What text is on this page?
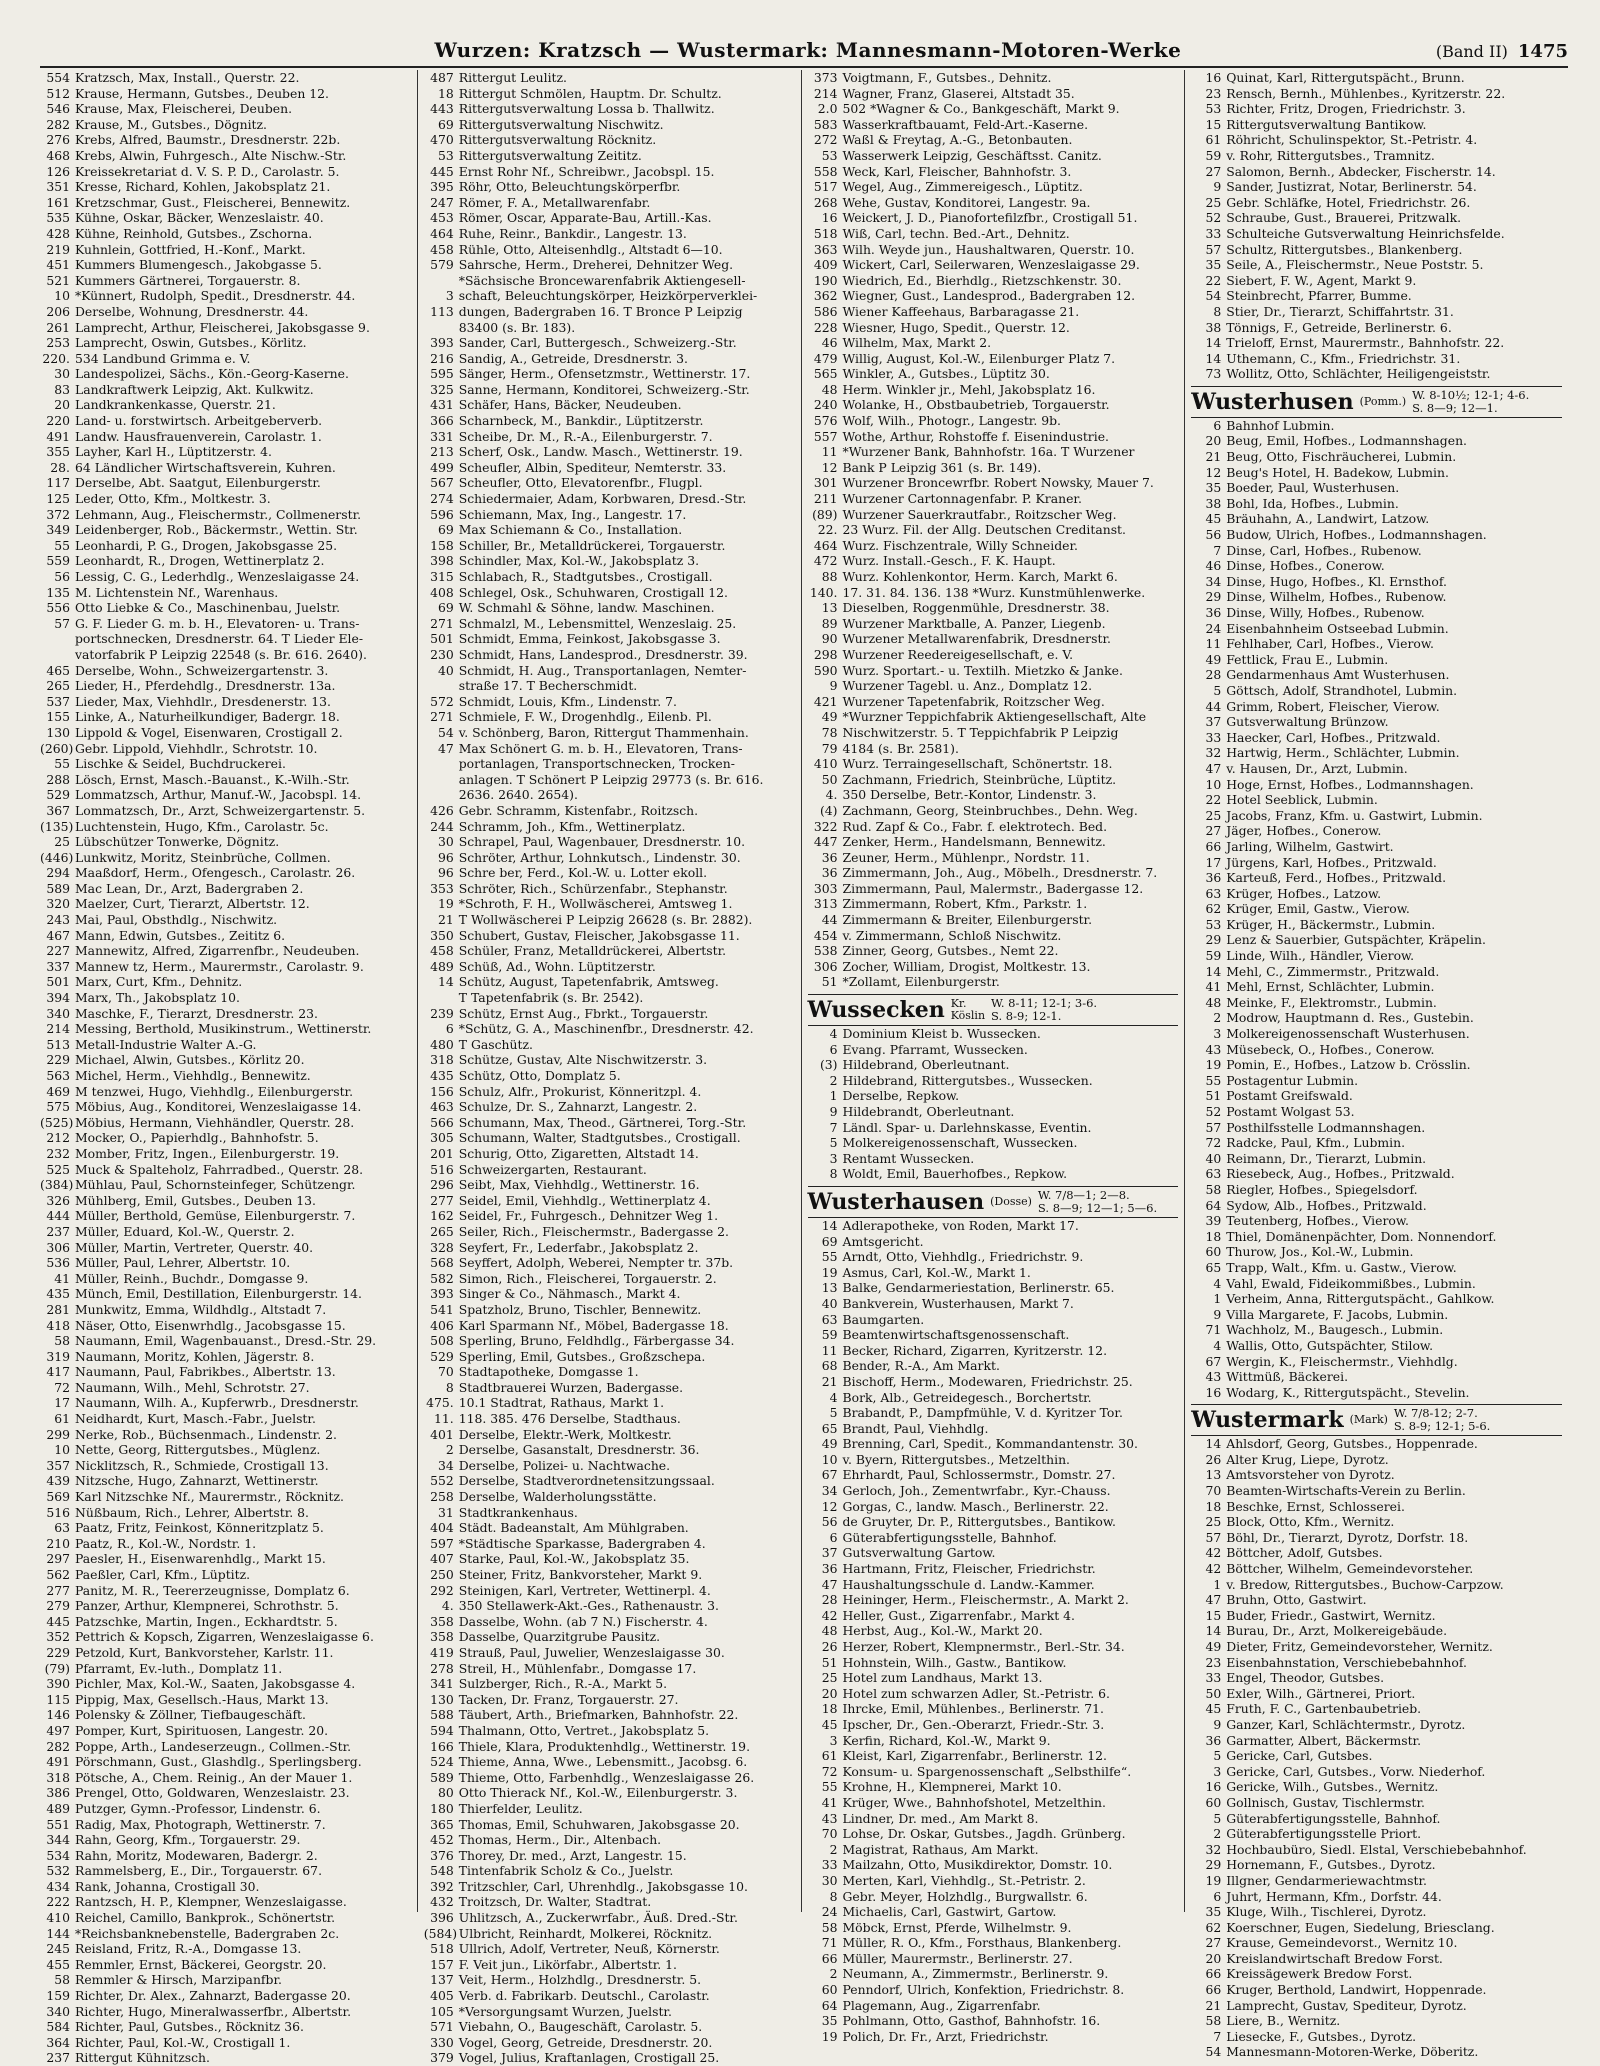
Wurzen: Kratzsch — Wustermark: Mannesmann-Motoren-Werke	(Band II) 1475
554 Kratzsch, Max, Install., Querstr. 22.
512 Krause, Hermann, Gutsbes., Deuben 12.
546 Krause, Max, Fleischerei, Deuben.
282 Krause, M., Gutsbes., Dögnitz.
276 Krebs, Alfred, Baumstr., Dresdnerstr. 22b.
468 Krebs, Alwin, Fuhrgesch., Alte Nischw.-Str.
126 Kreissekretariat d. V. S. P. D., Carolastr. 5.
351 Kresse, Richard, Kohlen, Jakobsplatz 21.
161 Kretzschmar, Gust., Fleischerei, Bennewitz.
535 Kühne, Oskar, Bäcker, Wenzeslaistr. 40.
428 Kühne, Reinhold, Gutsbes., Zschorna.
219 Kuhnlein, Gottfried, H.-Konf., Markt.
451 Kummers Blumengesch., Jakobgasse 5.
521 Kummers Gärtnerei, Torgauerstr. 8.
10 *Künnert, Rudolph, Spedit., Dresdnerstr. 44.
206 Derselbe, Wohnung, Dresdnerstr. 44.
261 Lamprecht, Arthur, Fleischerei, Jakobsgasse 9.
253 Lamprecht, Oswin, Gutsbes., Körlitz.
220. 534 Landbund Grimma e. V.
30 Landespolizei, Sächs., Kön.-Georg-Kaserne.
83 Landkraftwerk Leipzig, Akt. Kulkwitz.
20 Landkrankenkasse, Querstr. 21.
220 Land- u. forstwirtsch. Arbeitgeberverb.
491 Landw. Hausfrauenverein, Carolastr. 1.
355 Layher, Karl H., Lüptitzerstr. 4.
28. 64 Ländlicher Wirtschaftsverein, Kuhren.
117 Derselbe, Abt. Saatgut, Eilenburgerstr.
125 Leder, Otto, Kfm., Moltkestr. 3.
372 Lehmann, Aug., Fleischermstr., Collmenerstr.
349 Leidenberger, Rob., Bäckermstr., Wettin. Str.
55 Leonhardi, P. G., Drogen, Jakobsgasse 25.
559 Leonhardt, R., Drogen, Wettinerplatz 2.
56 Lessig, C. G., Lederhdlg., Wenzeslaigasse 24.
135 M. Lichtenstein Nf., Warenhaus.
556 Otto Liebke & Co., Maschinenbau, Juelstr.
57 G. F. Lieder G. m. b. H., Elevatoren- u. Trans-
portschnecken, Dresdnerstr. 64. T Lieder Ele-
vatorfabrik P Leipzig 22548 (s. Br. 616. 2640).
465 Derselbe, Wohn., Schweizergartenstr. 3.
265 Lieder, H., Pferdehdlg., Dresdnerstr. 13a.
537 Lieder, Max, Viehhdlr., Dresdenerstr. 13.
155 Linke, A., Naturheilkundiger, Badergr. 18.
130 Lippold & Vogel, Eisenwaren, Crostigall 2.
(260) Gebr. Lippold, Viehhdlr., Schrotstr. 10.
55 Lischke & Seidel, Buchdruckerei.
288 Lösch, Ernst, Masch.-Bauanst., K.-Wilh.-Str.
529 Lommatzsch, Arthur, Manuf.-W., Jacobspl. 14.
367 Lommatzsch, Dr., Arzt, Schweizergartenstr. 5.
(135) Luchtenstein, Hugo, Kfm., Carolastr. 5c.
25 Lübschützer Tonwerke, Dögnitz.
(446) Lunkwitz, Moritz, Steinbrüche, Collmen.
294 Maaßdorf, Herm., Ofengesch., Carolastr. 26.
589 Mac Lean, Dr., Arzt, Badergraben 2.
320 Maelzer, Curt, Tierarzt, Albertstr. 12.
243 Mai, Paul, Obsthdlg., Nischwitz.
467 Mann, Edwin, Gutsbes., Zeititz 6.
227 Mannewitz, Alfred, Zigarrenfbr., Neudeuben.
337 Mannew tz, Herm., Maurermstr., Carolastr. 9.
501 Marx, Curt, Kfm., Dehnitz.
394 Marx, Th., Jakobsplatz 10.
340 Maschke, F., Tierarzt, Dresdnerstr. 23.
214 Messing, Berthold, Musikinstrum., Wettinerstr.
513 Metall-Industrie Walter A.-G.
229 Michael, Alwin, Gutsbes., Körlitz 20.
563 Michel, Herm., Viehhdlg., Bennewitz.
469 M tenzwei, Hugo, Viehhdlg., Eilenburgerstr.
575 Möbius, Aug., Konditorei, Wenzeslaigasse 14.
(525) Möbius, Hermann, Viehhändler, Querstr. 28.
212 Mocker, O., Papierhdlg., Bahnhofstr. 5.
232 Momber, Fritz, Ingen., Eilenburgerstr. 19.
525 Muck & Spalteholz, Fahrradbed., Querstr. 28.
(384) Mühlau, Paul, Schornsteinfeger, Schützengr.
326 Mühlberg, Emil, Gutsbes., Deuben 13.
444 Müller, Berthold, Gemüse, Eilenburgerstr. 7.
237 Müller, Eduard, Kol.-W., Querstr. 2.
306 Müller, Martin, Vertreter, Querstr. 40.
536 Müller, Paul, Lehrer, Albertstr. 10.
41 Müller, Reinh., Buchdr., Domgasse 9.
435 Münch, Emil, Destillation, Eilenburgerstr. 14.
281 Munkwitz, Emma, Wildhdlg., Altstadt 7.
418 Näser, Otto, Eisenwrhdlg., Jacobsgasse 15.
58 Naumann, Emil, Wagenbauanst., Dresd.-Str. 29.
319 Naumann, Moritz, Kohlen, Jägerstr. 8.
417 Naumann, Paul, Fabrikbes., Albertstr. 13.
72 Naumann, Wilh., Mehl, Schrotstr. 27.
17 Naumann, Wilh. A., Kupferwrb., Dresdnerstr.
61 Neidhardt, Kurt, Masch.-Fabr., Juelstr.
299 Nerke, Rob., Büchsenmach., Lindenstr. 2.
10 Nette, Georg, Rittergutsbes., Müglenz.
357 Nicklitzsch, R., Schmiede, Crostigall 13.
439 Nitzsche, Hugo, Zahnarzt, Wettinerstr.
569 Karl Nitzschke Nf., Maurermstr., Röcknitz.
516 Nüßbaum, Rich., Lehrer, Albertstr. 8.
63 Paatz, Fritz, Feinkost, Könneritzplatz 5.
210 Paatz, R., Kol.-W., Nordstr. 1.
297 Paesler, H., Eisenwarenhdlg., Markt 15.
562 Paeßler, Carl, Kfm., Lüptitz.
277 Panitz, M. R., Teererzeugnisse, Domplatz 6.
279 Panzer, Arthur, Klempnerei, Schrothstr. 5.
445 Patzschke, Martin, Ingen., Eckhardtstr. 5.
352 Pettrich & Kopsch, Zigarren, Wenzeslaigasse 6.
229 Petzold, Kurt, Bankvorsteher, Karlstr. 11.
(79) Pfarramt, Ev.-luth., Domplatz 11.
390 Pichler, Max, Kol.-W., Saaten, Jakobsgasse 4.
115 Pippig, Max, Gesellsch.-Haus, Markt 13.
146 Polensky & Zöllner, Tiefbaugeschäft.
497 Pomper, Kurt, Spirituosen, Langestr. 20.
282 Poppe, Arth., Landeserzeugn., Collmen.-Str.
491 Pörschmann, Gust., Glashdlg., Sperlingsberg.
318 Pötsche, A., Chem. Reinig., An der Mauer 1.
386 Prengel, Otto, Goldwaren, Wenzeslaistr. 23.
489 Putzger, Gymn.-Professor, Lindenstr. 6.
551 Radig, Max, Photograph, Wettinerstr. 7.
344 Rahn, Georg, Kfm., Torgauerstr. 29.
534 Rahn, Moritz, Modewaren, Badergr. 2.
532 Rammelsberg, E., Dir., Torgauerstr. 67.
434 Rank, Johanna, Crostigall 30.
222 Rantzsch, H. P., Klempner, Wenzeslaigasse.
410 Reichel, Camillo, Bankprok., Schönertstr.
144 *Reichsbanknebenstelle, Badergraben 2c.
245 Reisland, Fritz, R.-A., Domgasse 13.
455 Remmler, Ernst, Bäckerei, Georgstr. 20.
58 Remmler & Hirsch, Marzipanfbr.
159 Richter, Dr. Alex., Zahnarzt, Badergasse 20.
340 Richter, Hugo, Mineralwasserfbr., Albertstr.
584 Richter, Paul, Gutsbes., Röcknitz 36.
364 Richter, Paul, Kol.-W., Crostigall 1.
237 Rittergut Kühnitzsch.
487 Rittergut Leulitz.
18 Rittergut Schmölen, Hauptm. Dr. Schultz.
443 Rittergutsverwaltung Lossa b. Thallwitz.
69 Rittergutsverwaltung Nischwitz.
470 Rittergutsverwaltung Röcknitz.
53 Rittergutsverwaltung Zeititz.
445 Ernst Rohr Nf., Schreibwr., Jacobspl. 15.
395 Röhr, Otto, Beleuchtungskörperfbr.
247 Römer, F. A., Metallwarenfabr.
453 Römer, Oscar, Apparate-Bau, Artill.-Kas.
464 Ruhe, Reinr., Bankdir., Langestr. 13.
458 Rühle, Otto, Alteisenhdlg., Altstadt 6—10.
579 Sahrsche, Herm., Dreherei, Dehnitzer Weg.
*Sächsische Broncewarenfabrik Aktiengesell-
3 schaft, Beleuchtungskörper, Heizkörperverklei-
113 dungen, Badergraben 16. T Bronce P Leipzig
83400 (s. Br. 183).
393 Sander, Carl, Buttergesch., Schweizerg.-Str.
216 Sandig, A., Getreide, Dresdnerstr. 3.
595 Sänger, Herm., Ofensetzmstr., Wettinerstr. 17.
325 Sanne, Hermann, Konditorei, Schweizerg.-Str.
431 Schäfer, Hans, Bäcker, Neudeuben.
366 Scharnbeck, M., Bankdir., Lüptitzerstr.
331 Scheibe, Dr. M., R.-A., Eilenburgerstr. 7.
213 Scherf, Osk., Landw. Masch., Wettinerstr. 19.
499 Scheufler, Albin, Spediteur, Nemterstr. 33.
567 Scheufler, Otto, Elevatorenfbr., Flugpl.
274 Schiedermaier, Adam, Korbwaren, Dresd.-Str.
596 Schiemann, Max, Ing., Langestr. 17.
69 Max Schiemann & Co., Installation.
158 Schiller, Br., Metalldrückerei, Torgauerstr.
398 Schindler, Max, Kol.-W., Jakobsplatz 3.
315 Schlabach, R., Stadtgutsbes., Crostigall.
408 Schlegel, Osk., Schuhwaren, Crostigall 12.
69 W. Schmahl & Söhne, landw. Maschinen.
271 Schmalzl, M., Lebensmittel, Wenzeslaig. 25.
501 Schmidt, Emma, Feinkost, Jakobsgasse 3.
230 Schmidt, Hans, Landesprod., Dresdnerstr. 39.
40 Schmidt, H. Aug., Transportanlagen, Nemter-
straße 17. T Becherschmidt.
572 Schmidt, Louis, Kfm., Lindenstr. 7.
271 Schmiele, F. W., Drogenhdlg., Eilenb. Pl.
54 v. Schönberg, Baron, Rittergut Thammenhain.
47 Max Schönert G. m. b. H., Elevatoren, Trans-
portanlagen, Transportschnecken, Trocken-
anlagen. T Schönert P Leipzig 29773 (s. Br. 616.
2636. 2640. 2654).
426 Gebr. Schramm, Kistenfabr., Roitzsch.
244 Schramm, Joh., Kfm., Wettinerplatz.
30 Schrapel, Paul, Wagenbauer, Dresdnerstr. 10.
96 Schröter, Arthur, Lohnkutsch., Lindenstr. 30.
96 Schre ber, Ferd., Kol.-W. u. Lotter ekoll.
353 Schröter, Rich., Schürzenfabr., Stephanstr.
19 *Schroth, F. H., Wollwäscherei, Amtsweg 1.
21 T Wollwäscherei P Leipzig 26628 (s. Br. 2882).
350 Schubert, Gustav, Fleischer, Jakobsgasse 11.
458 Schüler, Franz, Metalldrückerei, Albertstr.
489 Schüß, Ad., Wohn. Lüptitzerstr.
14 Schütz, August, Tapetenfabrik, Amtsweg.
T Tapetenfabrik (s. Br. 2542).
239 Schütz, Ernst Aug., Fbrkt., Torgauerstr.
6 *Schütz, G. A., Maschinenfbr., Dresdnerstr. 42.
480 T Gaschütz.
318 Schütze, Gustav, Alte Nischwitzerstr. 3.
435 Schütz, Otto, Domplatz 5.
156 Schulz, Alfr., Prokurist, Könneritzpl. 4.
463 Schulze, Dr. S., Zahnarzt, Langestr. 2.
566 Schumann, Max, Theod., Gärtnerei, Torg.-Str.
305 Schumann, Walter, Stadtgutsbes., Crostigall.
201 Schurig, Otto, Zigaretten, Altstadt 14.
516 Schweizergarten, Restaurant.
296 Seibt, Max, Viehhdlg., Wettinerstr. 16.
277 Seidel, Emil, Viehhdlg., Wettinerplatz 4.
162 Seidel, Fr., Fuhrgesch., Dehnitzer Weg 1.
265 Seiler, Rich., Fleischermstr., Badergasse 2.
328 Seyfert, Fr., Lederfabr., Jakobsplatz 2.
568 Seyffert, Adolph, Weberei, Nempter tr. 37b.
582 Simon, Rich., Fleischerei, Torgauerstr. 2.
393 Singer & Co., Nähmasch., Markt 4.
541 Spatzholz, Bruno, Tischler, Bennewitz.
406 Karl Sparmann Nf., Möbel, Badergasse 18.
508 Sperling, Bruno, Feldhdlg., Färbergasse 34.
529 Sperling, Emil, Gutsbes., Großzschepa.
70 Stadtapotheke, Domgasse 1.
8 Stadtbrauerei Wurzen, Badergasse.
475. 10.1 Stadtrat, Rathaus, Markt 1.
11. 118. 385. 476 Derselbe, Stadthaus.
401 Derselbe, Elektr.-Werk, Moltkestr.
2 Derselbe, Gasanstalt, Dresdnerstr. 36.
34 Derselbe, Polizei- u. Nachtwache.
552 Derselbe, Stadtverordnetensitzungssaal.
258 Derselbe, Walderholungsstätte.
31 Stadtkrankenhaus.
404 Städt. Badeanstalt, Am Mühlgraben.
597 *Städtische Sparkasse, Badergraben 4.
407 Starke, Paul, Kol.-W., Jakobsplatz 35.
250 Steiner, Fritz, Bankvorsteher, Markt 9.
292 Steinigen, Karl, Vertreter, Wettinerpl. 4.
4. 350 Stellawerk-Akt.-Ges., Rathenaustr. 3.
358 Dasselbe, Wohn. (ab 7 N.) Fischerstr. 4.
358 Dasselbe, Quarzitgrube Pausitz.
419 Strauß, Paul, Juwelier, Wenzeslaigasse 30.
278 Streil, H., Mühlenfabr., Domgasse 17.
341 Sulzberger, Rich., R.-A., Markt 5.
130 Tacken, Dr. Franz, Torgauerstr. 27.
588 Täubert, Arth., Briefmarken, Bahnhofstr. 22.
594 Thalmann, Otto, Vertret., Jakobsplatz 5.
166 Thiele, Klara, Produktenhdlg., Wettinerstr. 19.
524 Thieme, Anna, Wwe., Lebensmitt., Jacobsg. 6.
589 Thieme, Otto, Farbenhdlg., Wenzeslaigasse 26.
80 Otto Thierack Nf., Kol.-W., Eilenburgerstr. 3.
180 Thierfelder, Leulitz.
365 Thomas, Emil, Schuhwaren, Jakobsgasse 20.
452 Thomas, Herm., Dir., Altenbach.
376 Thorey, Dr. med., Arzt, Langestr. 15.
548 Tintenfabrik Scholz & Co., Juelstr.
392 Tritzschler, Carl, Uhrenhdlg., Jakobsgasse 10.
432 Troitzsch, Dr. Walter, Stadtrat.
396 Uhlitzsch, A., Zuckerwrfabr., Äuß. Dred.-Str.
(584) Ulbricht, Reinhardt, Molkerei, Röcknitz.
518 Ullrich, Adolf, Vertreter, Neuß, Körnerstr.
157 F. Veit jun., Likörfabr., Albertstr. 1.
137 Veit, Herm., Holzhdlg., Dresdnerstr. 5.
405 Verb. d. Fabrikarb. Deutschl., Carolastr.
105 *Versorgungsamt Wurzen, Juelstr.
571 Viebahn, O., Baugeschäft, Carolastr. 5.
330 Vogel, Georg, Getreide, Dresdnerstr. 20.
379 Vogel, Julius, Kraftanlagen, Crostigall 25.
373 Voigtmann, F., Gutsbes., Dehnitz.
214 Wagner, Franz, Glaserei, Altstadt 35.
2.0 502 *Wagner & Co., Bankgeschäft, Markt 9.
583 Wasserkraftbauamt, Feld-Art.-Kaserne.
272 Waßl & Freytag, A.-G., Betonbauten.
53 Wasserwerk Leipzig, Geschäftsst. Canitz.
558 Weck, Karl, Fleischer, Bahnhofstr. 3.
517 Wegel, Aug., Zimmereigesch., Lüptitz.
268 Wehe, Gustav, Konditorei, Langestr. 9a.
16 Weickert, J. D., Pianofortefilzfbr., Crostigall 51.
518 Wiß, Carl, techn. Bed.-Art., Dehnitz.
363 Wilh. Weyde jun., Haushaltwaren, Querstr. 10.
409 Wickert, Carl, Seilerwaren, Wenzeslaigasse 29.
190 Wiedrich, Ed., Bierhdlg., Rietzschkenstr. 30.
362 Wiegner, Gust., Landesprod., Badergraben 12.
586 Wiener Kaffeehaus, Barbaragasse 21.
228 Wiesner, Hugo, Spedit., Querstr. 12.
46 Wilhelm, Max, Markt 2.
479 Willig, August, Kol.-W., Eilenburger Platz 7.
565 Winkler, A., Gutsbes., Lüptitz 30.
48 Herm. Winkler jr., Mehl, Jakobsplatz 16.
240 Wolanke, H., Obstbaubetrieb, Torgauerstr.
576 Wolf, Wilh., Photogr., Langestr. 9b.
557 Wothe, Arthur, Rohstoffe f. Eisenindustrie.
11 *Wurzener Bank, Bahnhofstr. 16a. T Wurzener
12 Bank P Leipzig 361 (s. Br. 149).
301 Wurzener Broncewrfbr. Robert Nowsky, Mauer 7.
211 Wurzener Cartonnagenfabr. P. Kraner.
(89) Wurzener Sauerkrautfabr., Roitzscher Weg.
22. 23 Wurz. Fil. der Allg. Deutschen Creditanst.
464 Wurz. Fischzentrale, Willy Schneider.
472 Wurz. Install.-Gesch., F. K. Haupt.
88 Wurz. Kohlenkontor, Herm. Karch, Markt 6.
140. 17. 31. 84. 136. 138 *Wurz. Kunstmühlenwerke.
13 Dieselben, Roggenmühle, Dresdnerstr. 38.
89 Wurzener Marktballe, A. Panzer, Liegenb.
90 Wurzener Metallwarenfabrik, Dresdnerstr.
298 Wurzener Reedereigesellschaft, e. V.
590 Wurz. Sportart.- u. Textilh. Mietzko & Janke.
9 Wurzener Tagebl. u. Anz., Domplatz 12.
421 Wurzener Tapetenfabrik, Roitzscher Weg.
49 *Wurzner Teppichfabrik Aktiengesellschaft, Alte
78 Nischwitzerstr. 5. T Teppichfabrik P Leipzig
79 4184 (s. Br. 2581).
410 Wurz. Terraingesellschaft, Schönertstr. 18.
50 Zachmann, Friedrich, Steinbrüche, Lüptitz.
4. 350 Derselbe, Betr.-Kontor, Lindenstr. 3.
(4) Zachmann, Georg, Steinbruchbes., Dehn. Weg.
322 Rud. Zapf & Co., Fabr. f. elektrotech. Bed.
447 Zenker, Herm., Handelsmann, Bennewitz.
36 Zeuner, Herm., Mühlenpr., Nordstr. 11.
36 Zimmermann, Joh., Aug., Möbelh., Dresdnerstr. 7.
303 Zimmermann, Paul, Malermstr., Badergasse 12.
313 Zimmermann, Robert, Kfm., Parkstr. 1.
44 Zimmermann & Breiter, Eilenburgerstr.
454 v. Zimmermann, Schloß Nischwitz.
538 Zinner, Georg, Gutsbes., Nemt 22.
306 Zocher, William, Drogist, Moltkestr. 13.
51 *Zollamt, Eilenburgerstr.
Wussecken Kr.
Köslin
W. 8-11; 12-1; 3-6.
S. 8-9; 12-1.
4 Dominium Kleist b. Wussecken.
6 Evang. Pfarramt, Wussecken.
(3) Hildebrand, Oberleutnant.
2 Hildebrand, Rittergutsbes., Wussecken.
1 Derselbe, Repkow.
9 Hildebrandt, Oberleutnant.
7 Ländl. Spar- u. Darlehnskasse, Eventin.
5 Molkereigenossenschaft, Wussecken.
3 Rentamt Wussecken.
8 Woldt, Emil, Bauerhofbes., Repkow.
Wusterhausen (Dosse) W. 7/8—1; 2—8.
S. 8—9; 12—1; 5—6.
14 Adlerapotheke, von Roden, Markt 17.
69 Amtsgericht.
55 Arndt, Otto, Viehhdlg., Friedrichstr. 9.
19 Asmus, Carl, Kol.-W., Markt 1.
13 Balke, Gendarmeriestation, Berlinerstr. 65.
40 Bankverein, Wusterhausen, Markt 7.
63 Baumgarten.
59 Beamtenwirtschaftsgenossenschaft.
11 Becker, Richard, Zigarren, Kyritzerstr. 12.
68 Bender, R.-A., Am Markt.
21 Bischoff, Herm., Modewaren, Friedrichstr. 25.
4 Bork, Alb., Getreidegesch., Borchertstr.
5 Brabandt, P., Dampfmühle, V. d. Kyritzer Tor.
65 Brandt, Paul, Viehhdlg.
49 Brenning, Carl, Spedit., Kommandantenstr. 30.
10 v. Byern, Rittergutsbes., Metzelthin.
67 Ehrhardt, Paul, Schlossermstr., Domstr. 27.
34 Gerloch, Joh., Zementwrfabr., Kyr.-Chauss.
12 Gorgas, C., landw. Masch., Berlinerstr. 22.
56 de Gruyter, Dr. P., Rittergutsbes., Bantikow.
6 Güterabfertigungsstelle, Bahnhof.
37 Gutsverwaltung Gartow.
36 Hartmann, Fritz, Fleischer, Friedrichstr.
47 Haushaltungsschule d. Landw.-Kammer.
28 Heininger, Herm., Fleischermstr., A. Markt 2.
42 Heller, Gust., Zigarrenfabr., Markt 4.
48 Herbst, Aug., Kol.-W., Markt 20.
26 Herzer, Robert, Klempnermstr., Berl.-Str. 34.
51 Hohnstein, Wilh., Gastw., Bantikow.
25 Hotel zum Landhaus, Markt 13.
20 Hotel zum schwarzen Adler, St.-Petristr. 6.
18 Ihrcke, Emil, Mühlenbes., Berlinerstr. 71.
45 Ipscher, Dr., Gen.-Oberarzt, Friedr.-Str. 3.
3 Kerfin, Richard, Kol.-W., Markt 9.
61 Kleist, Karl, Zigarrenfabr., Berlinerstr. 12.
72 Konsum- u. Spargenossenschaft „Selbsthilfe“.
55 Krohne, H., Klempnerei, Markt 10.
41 Krüger, Wwe., Bahnhofshotel, Metzelthin.
43 Lindner, Dr. med., Am Markt 8.
70 Lohse, Dr. Oskar, Gutsbes., Jagdh. Grünberg.
2 Magistrat, Rathaus, Am Markt.
33 Mailzahn, Otto, Musikdirektor, Domstr. 10.
30 Merten, Karl, Viehhdlg., St.-Petristr. 2.
8 Gebr. Meyer, Holzhdlg., Burgwallstr. 6.
24 Michaelis, Carl, Gastwirt, Gartow.
58 Möbck, Ernst, Pferde, Wilhelmstr. 9.
71 Müller, R. O., Kfm., Forsthaus, Blankenberg.
66 Müller, Maurermstr., Berlinerstr. 27.
2 Neumann, A., Zimmermstr., Berlinerstr. 9.
60 Penndorf, Ulrich, Konfektion, Friedrichstr. 8.
64 Plagemann, Aug., Zigarrenfabr.
35 Pohlmann, Otto, Gasthof, Bahnhofstr. 16.
19 Polich, Dr. Fr., Arzt, Friedrichstr.
16 Quinat, Karl, Rittergutspächt., Brunn.
23 Rensch, Bernh., Mühlenbes., Kyritzerstr. 22.
53 Richter, Fritz, Drogen, Friedrichstr. 3.
15 Rittergutsverwaltung Bantikow.
61 Röhricht, Schulinspektor, St.-Petristr. 4.
59 v. Rohr, Rittergutsbes., Tramnitz.
27 Salomon, Bernh., Abdecker, Fischerstr. 14.
9 Sander, Justizrat, Notar, Berlinerstr. 54.
25 Gebr. Schläfke, Hotel, Friedrichstr. 26.
52 Schraube, Gust., Brauerei, Pritzwalk.
33 Schulteiche Gutsverwaltung Heinrichsfelde.
57 Schultz, Rittergutsbes., Blankenberg.
35 Seile, A., Fleischermstr., Neue Poststr. 5.
22 Siebert, F. W., Agent, Markt 9.
54 Steinbrecht, Pfarrer, Bumme.
8 Stier, Dr., Tierarzt, Schiffahrtstr. 31.
38 Tönnigs, F., Getreide, Berlinerstr. 6.
14 Trieloff, Ernst, Maurermstr., Bahnhofstr. 22.
14 Uthemann, C., Kfm., Friedrichstr. 31.
73 Wollitz, Otto, Schlächter, Heiligengeiststr.
Wusterhusen (Pomm.) W. 8-10½; 12-1; 4-6.
S. 8—9; 12—1.
6 Bahnhof Lubmin.
20 Beug, Emil, Hofbes., Lodmannshagen.
21 Beug, Otto, Fischräucherei, Lubmin.
12 Beug's Hotel, H. Badekow, Lubmin.
35 Boeder, Paul, Wusterhusen.
38 Bohl, Ida, Hofbes., Lubmin.
45 Bräuhahn, A., Landwirt, Latzow.
56 Budow, Ulrich, Hofbes., Lodmannshagen.
7 Dinse, Carl, Hofbes., Rubenow.
46 Dinse, Hofbes., Conerow.
34 Dinse, Hugo, Hofbes., Kl. Ernsthof.
29 Dinse, Wilhelm, Hofbes., Rubenow.
36 Dinse, Willy, Hofbes., Rubenow.
24 Eisenbahnheim Ostseebad Lubmin.
11 Fehlhaber, Carl, Hofbes., Vierow.
49 Fettlick, Frau E., Lubmin.
28 Gendarmenhaus Amt Wusterhusen.
5 Göttsch, Adolf, Strandhotel, Lubmin.
44 Grimm, Robert, Fleischer, Vierow.
37 Gutsverwaltung Brünzow.
33 Haecker, Carl, Hofbes., Pritzwald.
32 Hartwig, Herm., Schlächter, Lubmin.
47 v. Hausen, Dr., Arzt, Lubmin.
10 Hoge, Ernst, Hofbes., Lodmannshagen.
22 Hotel Seeblick, Lubmin.
25 Jacobs, Franz, Kfm. u. Gastwirt, Lubmin.
27 Jäger, Hofbes., Conerow.
66 Jarling, Wilhelm, Gastwirt.
17 Jürgens, Karl, Hofbes., Pritzwald.
36 Karteuß, Ferd., Hofbes., Pritzwald.
63 Krüger, Hofbes., Latzow.
62 Krüger, Emil, Gastw., Vierow.
53 Krüger, H., Bäckermstr., Lubmin.
29 Lenz & Sauerbier, Gutspächter, Kräpelin.
59 Linde, Wilh., Händler, Vierow.
14 Mehl, C., Zimmermstr., Pritzwald.
41 Mehl, Ernst, Schlächter, Lubmin.
48 Meinke, F., Elektromstr., Lubmin.
2 Modrow, Hauptmann d. Res., Gustebin.
3 Molkereigenossenschaft Wusterhusen.
43 Müsebeck, O., Hofbes., Conerow.
19 Pomin, E., Hofbes., Latzow b. Crösslin.
55 Postagentur Lubmin.
51 Postamt Greifswald.
52 Postamt Wolgast 53.
57 Posthilfsstelle Lodmannshagen.
72 Radcke, Paul, Kfm., Lubmin.
40 Reimann, Dr., Tierarzt, Lubmin.
63 Riesebeck, Aug., Hofbes., Pritzwald.
58 Riegler, Hofbes., Spiegelsdorf.
64 Sydow, Alb., Hofbes., Pritzwald.
39 Teutenberg, Hofbes., Vierow.
18 Thiel, Domänenpächter, Dom. Nonnendorf.
60 Thurow, Jos., Kol.-W., Lubmin.
65 Trapp, Walt., Kfm. u. Gastw., Vierow.
4 Vahl, Ewald, Fideikommißbes., Lubmin.
1 Verheim, Anna, Rittergutspächt., Gahlkow.
9 Villa Margarete, F. Jacobs, Lubmin.
71 Wachholz, M., Baugesch., Lubmin.
4 Wallis, Otto, Gutspächter, Stilow.
67 Wergin, K., Fleischermstr., Viehhdlg.
43 Wittmüß, Bäckerei.
16 Wodarg, K., Rittergutspächt., Stevelin.
Wustermark (Mark) W. 7/8-12; 2-7.
S. 8-9; 12-1; 5-6.
14 Ahlsdorf, Georg, Gutsbes., Hoppenrade.
26 Alter Krug, Liepe, Dyrotz.
13 Amtsvorsteher von Dyrotz.
70 Beamten-Wirtschafts-Verein zu Berlin.
18 Beschke, Ernst, Schlosserei.
25 Block, Otto, Kfm., Wernitz.
57 Böhl, Dr., Tierarzt, Dyrotz, Dorfstr. 18.
42 Böttcher, Adolf, Gutsbes.
42 Böttcher, Wilhelm, Gemeindevorsteher.
1 v. Bredow, Rittergutsbes., Buchow-Carpzow.
47 Bruhn, Otto, Gastwirt.
15 Buder, Friedr., Gastwirt, Wernitz.
14 Burau, Dr., Arzt, Molkereigebäude.
49 Dieter, Fritz, Gemeindevorsteher, Wernitz.
23 Eisenbahnstation, Verschiebebahnhof.
33 Engel, Theodor, Gutsbes.
50 Exler, Wilh., Gärtnerei, Priort.
45 Fruth, F. C., Gartenbaubetrieb.
9 Ganzer, Karl, Schlächtermstr., Dyrotz.
36 Garmatter, Albert, Bäckermstr.
5 Gericke, Carl, Gutsbes.
3 Gericke, Carl, Gutsbes., Vorw. Niederhof.
16 Gericke, Wilh., Gutsbes., Wernitz.
60 Gollnisch, Gustav, Tischlermstr.
5 Güterabfertigungsstelle, Bahnhof.
2 Güterabfertigungsstelle Priort.
32 Hochbaubüro, Siedl. Elstal, Verschiebebahnhof.
29 Hornemann, F., Gutsbes., Dyrotz.
19 Illgner, Gendarmeriewachtmstr.
6 Juhrt, Hermann, Kfm., Dorfstr. 44.
35 Kluge, Wilh., Tischlerei, Dyrotz.
62 Koerschner, Eugen, Siedelung, Briesclang.
27 Krause, Gemeindevorst., Wernitz 10.
20 Kreislandwirtschaft Bredow Forst.
66 Kreissägewerk Bredow Forst.
66 Kruger, Berthold, Landwirt, Hoppenrade.
21 Lamprecht, Gustav, Spediteur, Dyrotz.
58 Liere, B., Wernitz.
7 Liesecke, F., Gutsbes., Dyrotz.
54 Mannesmann-Motoren-Werke, Döberitz.
